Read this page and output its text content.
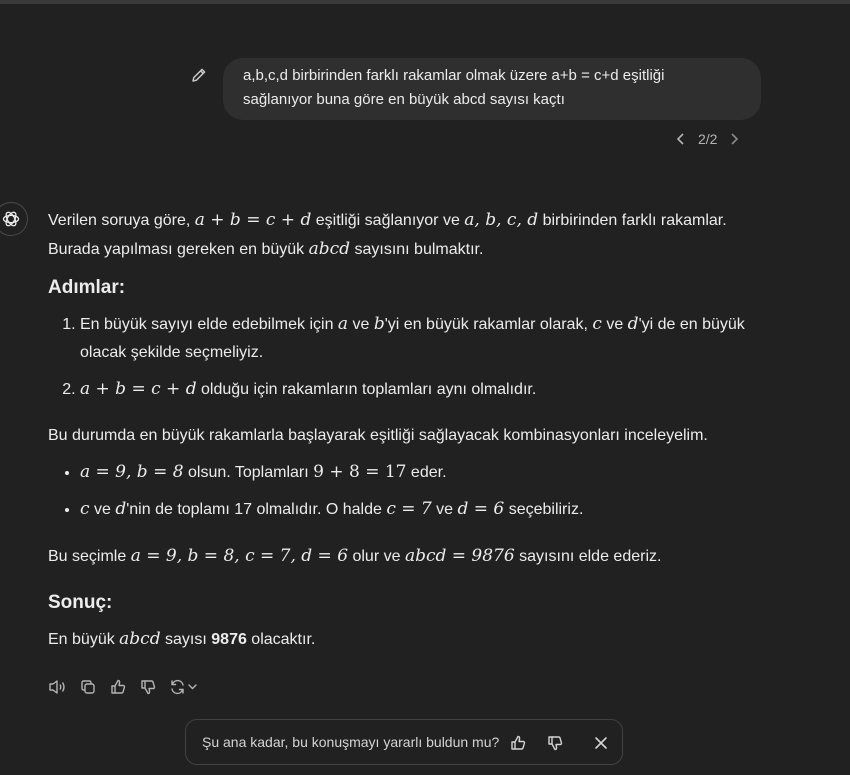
a,b,c,d birbirinden farklı rakamlar olmak üzere a+b = c+d eşitliği
sağlanıyor buna göre en büyük abcd sayısı kaçtı
2/2

Verilen soruya göre, a + b = c + d eşitliği sağlanıyor ve a, b, c, d birbirinden farklı rakamlar. Burada yapılması gereken en büyük abcd sayısını bulmaktır.

Adımlar:
1. En büyük sayıyı elde edebilmek için a ve b'yi en büyük rakamlar olarak, c ve d'yi de en büyük olacak şekilde seçmeliyiz.
2. a + b = c + d olduğu için rakamların toplamları aynı olmalıdır.

Bu durumda en büyük rakamlarla başlayarak eşitliği sağlayacak kombinasyonları inceleyelim.

• a = 9, b = 8 olsun. Toplamları 9 + 8 = 17 eder.
• c ve d'nin de toplamı 17 olmalıdır. O halde c = 7 ve d = 6 seçebiliriz.

Bu seçimle a = 9, b = 8, c = 7, d = 6 olur ve abcd = 9876 sayısını elde ederiz.

Sonuç:

En büyük abcd sayısı 9876 olacaktır.

Şu ana kadar, bu konuşmayı yararlı buldun mu?
